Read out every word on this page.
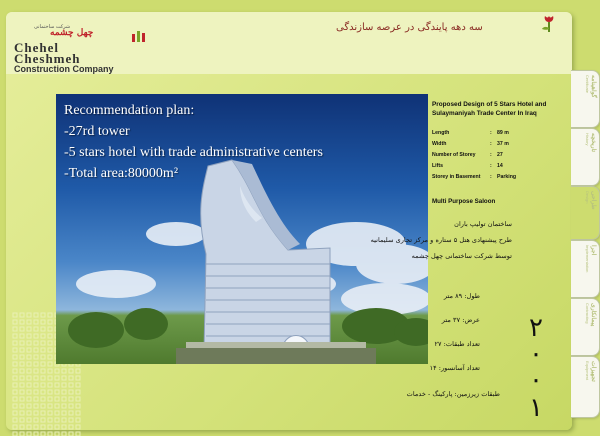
شرکت ساختمانی
چهل چشمه
Chehel
Cheshmeh
Construction Company
سه دهه پایندگی در عرصه سازندگی
٢
٠
٠
١
Recommendation plan:
-27rd tower
-5 stars hotel with trade administrative centers
-Total area:80000m²
Proposed Design of 5 Stars Hotel and Sulaymaniyah Trade Center In Iraq
Length	: 89 m
Width	: 37 m
Number of Storey	: 27
Lifts	: 14
Storey in Basement : Parking
Multi Purpose Saloon
ساختمان تولیپ باران
طرح پیشنهادی هتل ۵ ستاره و مرکز تجاری سلیمانیه
توسط شرکت ساختمانی چهل چشمه
طول: ۸۹ متر
عرض: ۳۷ متر
تعداد طبقات: ۲۷
تعداد آسانسور: ۱۴
طبقات زیرزمین: پارکینگ - خدمات
گواهینامه
Certificate
تاریخچه
History
طراحی
Design
اجرا
Implementation
پیمانکاری
Contracting
تجهیزات
Equipment
